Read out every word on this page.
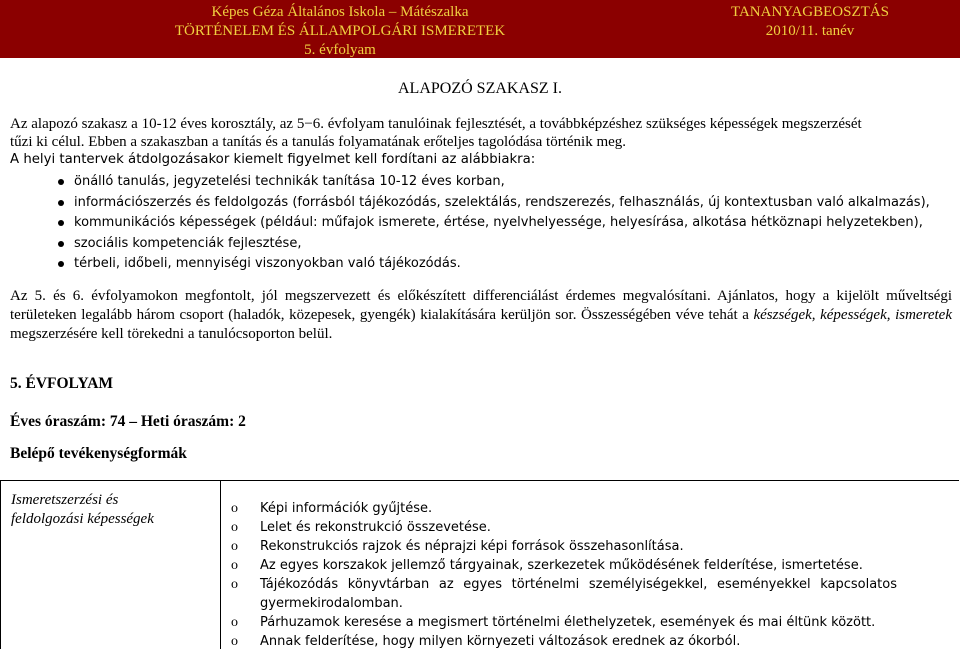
Képes Géza Általános Iskola – Mátészalka
TÖRTÉNELEM ÉS ÁLLAMPOLGÁRI ISMERETEK
5. évfolyam
TANANYAGBEOSZTÁS
2010/11. tanév
ALAPOZÓ SZAKASZ I.
Az alapozó szakasz a 10-12 éves korosztály, az 5−6. évfolyam tanulóinak fejlesztését, a továbbképzéshez szükséges képességek megszerzését
tűzi ki célul. Ebben a szakaszban a tanítás és a tanulás folyamatának erőteljes tagolódása történik meg.
A helyi tantervek átdolgozásakor kiemelt figyelmet kell fordítani az alábbiakra:
önálló tanulás, jegyzetelési technikák tanítása 10-12 éves korban,
információszerzés és feldolgozás (forrásból tájékozódás, szelektálás, rendszerezés, felhasználás, új kontextusban való alkalmazás),
kommunikációs képességek (például: műfajok ismerete, értése, nyelvhelyessége, helyesírása, alkotása hétköznapi helyzetekben),
szociális kompetenciák fejlesztése,
térbeli, időbeli, mennyiségi viszonyokban való tájékozódás.
Az 5. és 6. évfolyamokon megfontolt, jól megszervezett és előkészített differenciálást érdemes megvalósítani. Ajánlatos, hogy a kijelölt műveltségi területeken legalább három csoport (haladók, közepesek, gyengék) kialakítására kerüljön sor. Összességében véve tehát a készségek, képességek, ismeretek megszerzésére kell törekedni a tanulócsoporton belül.
5. ÉVFOLYAM
Éves óraszám: 74 – Heti óraszám: 2
Belépő tevékenységformák
Ismeretszerzési és feldolgozási képességek
o Képi információk gyűjtése.
o Lelet és rekonstrukció összevetése.
o Rekonstrukciós rajzok és néprajzi képi források összehasonlítása.
o Az egyes korszakok jellemző tárgyainak, szerkezetek működésének felderítése, ismertetése.
o Tájékozódás könyvtárban az egyes történelmi személyiségekkel, eseményekkel kapcsolatos gyermekirodalomban.
o Párhuzamok keresése a megismert történelmi élethelyzetek, események és mai éltünk között.
o Annak felderítése, hogy milyen környezeti változások erednek az ókorból.
